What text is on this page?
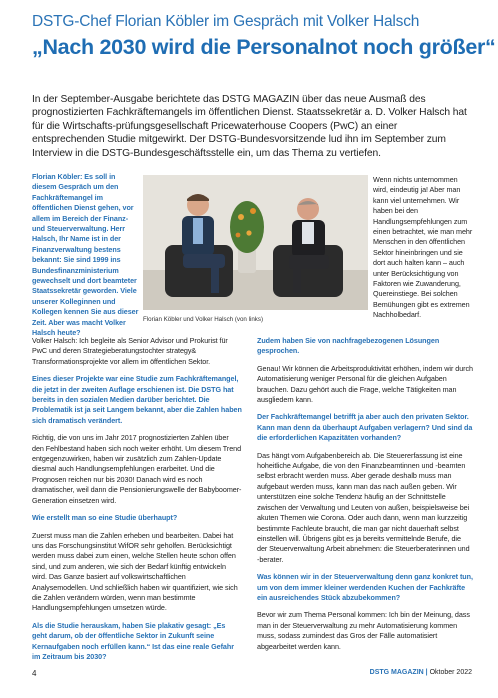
DSTG-Chef Florian Köbler im Gespräch mit Volker Halsch
„Nach 2030 wird die Personalnot noch größer“
In der September-Ausgabe berichtete das DSTG MAGAZIN über das neue Ausmaß des prognostizierten Fachkräftemangels im öffentlichen Dienst. Staatssekretär a. D. Volker Halsch hat für die Wirtschafts-prüfungsgesellschaft Pricewaterhouse Coopers (PwC) an einer entsprechenden Studie mitgewirkt. Der DSTG-Bundesvorsitzende lud ihn im September zum Interview in die DSTG-Bundesgeschäftsstelle ein, um das Thema zu vertiefen.
Florian Köbler: Es soll in diesem Gespräch um den Fachkräftemangel im öffentlichen Dienst gehen, vor allem im Bereich der Finanz- und Steuerverwaltung. Herr Halsch, Ihr Name ist in der Finanzverwaltung bestens bekannt: Sie sind 1999 ins Bundesfinanzministerium gewechselt und dort beamteter Staatssekretär geworden. Viele unserer Kolleginnen und Kollegen kennen Sie aus dieser Zeit. Aber was macht Volker Halsch heute?
Florian Köbler und Volker Halsch (von links)
Wenn nichts unternommen wird, eindeutig ja! Aber man kann viel unternehmen. Wir haben bei den Handlungsempfehlungen zum einen betrachtet, wie man mehr Menschen in den öffentlichen Sektor hineinbringen und sie dort auch halten kann – auch unter Berücksichtigung von Faktoren wie Zuwanderung, Quereinstiege. Bei solchen Bemühungen gibt es extremen Nachholbedarf.

Volker Halsch: Ich begleite als Senior Advisor und Prokurist für PwC und deren Strategieberatungstochter strategy& Transformationsprojekte vor allem im öffentlichen Sektor.

Eines dieser Projekte war eine Studie zum Fachkräftemangel, die jetzt in der zweiten Auflage erschienen ist. Die DSTG hat bereits in den sozialen Medien darüber berichtet. Die Problematik ist ja seit Langem bekannt, aber die Zahlen haben sich dramatisch verändert.

Richtig, die von uns im Jahr 2017 prognostizierten Zahlen über den Fehlbestand haben sich noch weiter erhöht. Um diesem Trend entgegenzuwirken, haben wir zusätzlich zum Zahlen-Update diesmal auch Handlungsempfehlungen erarbeitet. Und die Prognosen reichen nur bis 2030! Danach wird es noch dramatischer, weil dann die Pensionierungswelle der Babyboomer-Generation einsetzen wird.

Wie erstellt man so eine Studie überhaupt?

Zuerst muss man die Zahlen erheben und bearbeiten. Dabei hat uns das Forschungsinstitut WifOR sehr geholfen. Berücksichtigt werden muss dabei zum einen, welche Stellen heute schon offen sind, und zum anderen, wie sich der Bedarf künftig entwickeln wird. Das Ganze basiert auf volkswirtschaftlichen Analysemodellen. Und schließlich haben wir quantifiziert, wie sich die Zahlen verändern würden, wenn man bestimmte Handlungsempfehlungen umsetzen würde.

Als die Studie herauskam, haben Sie plakativ gesagt: „Es geht darum, ob der öffentliche Sektor in Zukunft seine Kernaufgaben noch erfüllen kann.“ Ist das eine reale Gefahr im Zeitraum bis 2030?

Zudem haben Sie von nachfragebezogenen Lösungen gesprochen.

Genau! Wir können die Arbeitsproduktivität erhöhen, indem wir durch Automatisierung weniger Personal für die gleichen Aufgaben brauchen. Dazu gehört auch die Frage, welche Tätigkeiten man ausgliedern kann.

Der Fachkräftemangel betrifft ja aber auch den privaten Sektor. Kann man denn da überhaupt Aufgaben verlagern? Und sind da die erforderlichen Kapazitäten vorhanden?

Das hängt vom Aufgabenbereich ab. Die Steuererfassung ist eine hoheitliche Aufgabe, die von den Finanzbeamtinnen und -beamten selbst erbracht werden muss. Aber gerade deshalb muss man aufgebaut werden muss, kann man das nach außen geben. Wir unterstützen eine solche Tendenz häufig an der Schnittstelle zwischen der Verwaltung und Leuten von außen, beispielsweise bei akuten Themen wie Corona. Oder auch dann, wenn man kurzzeitig bestimmte Fachleute braucht, die man gar nicht dauerhaft selbst einstellen will. Übrigens gibt es ja bereits vermittelnde Berufe, die der Steuerverwaltung Arbeit abnehmen: die Steuerberaterinnen und -berater.

Was können wir in der Steuerverwaltung denn ganz konkret tun, um von dem immer kleiner werdenden Kuchen der Fachkräfte ein ausreichendes Stück abzubekommen?

Bevor wir zum Thema Personal kommen: Ich bin der Meinung, dass man in der Steuerverwaltung zu mehr Automatisierung kommen muss, sodass zumindest das Gros der Fälle automatisiert abgearbeitet werden kann.

4	DSTG MAGAZIN | Oktober 2022
